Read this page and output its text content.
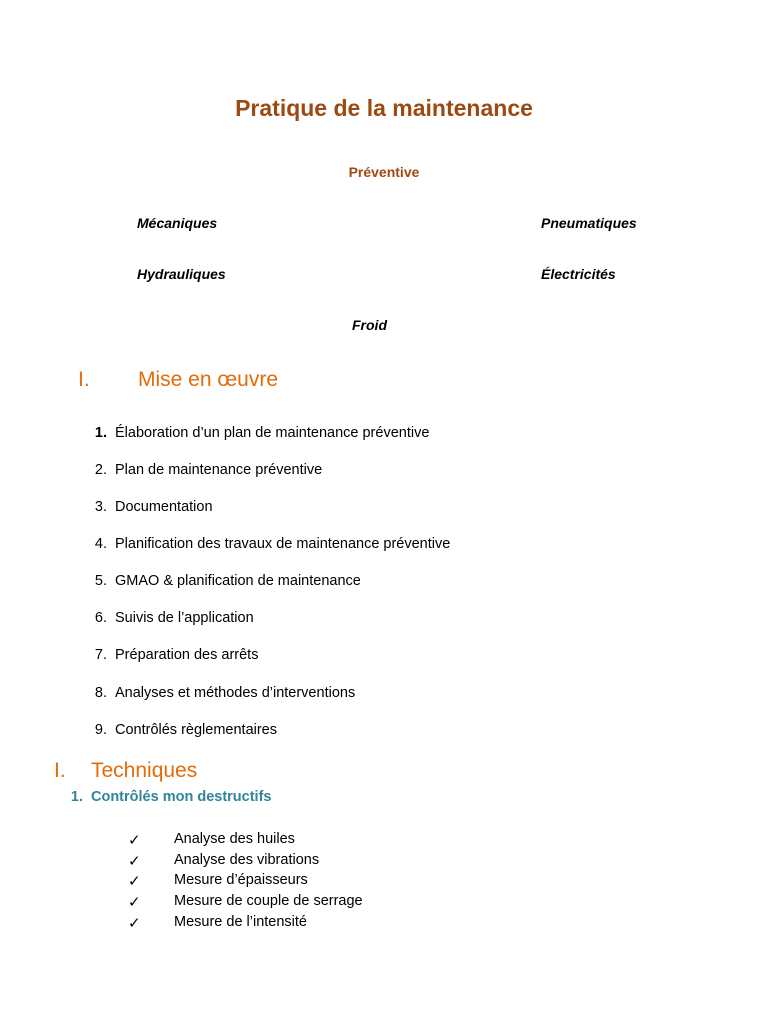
Pratique de la maintenance
Préventive
Mécaniques	Pneumatiques
Hydrauliques	Électricités
Froid
I. Mise en œuvre
1. Élaboration d’un plan de maintenance préventive
2. Plan de maintenance préventive
3. Documentation
4. Planification des travaux de maintenance préventive
5. GMAO & planification de maintenance
6. Suivis de l’application
7. Préparation des arrêts
8. Analyses et méthodes d’interventions
9. Contrôlés règlementaires
I. Techniques
1. Contrôlés mon destructifs
✓ Analyse des huiles
✓ Analyse des vibrations
✓ Mesure d’épaisseurs
✓ Mesure de couple de serrage
✓ Mesure de l’intensité
